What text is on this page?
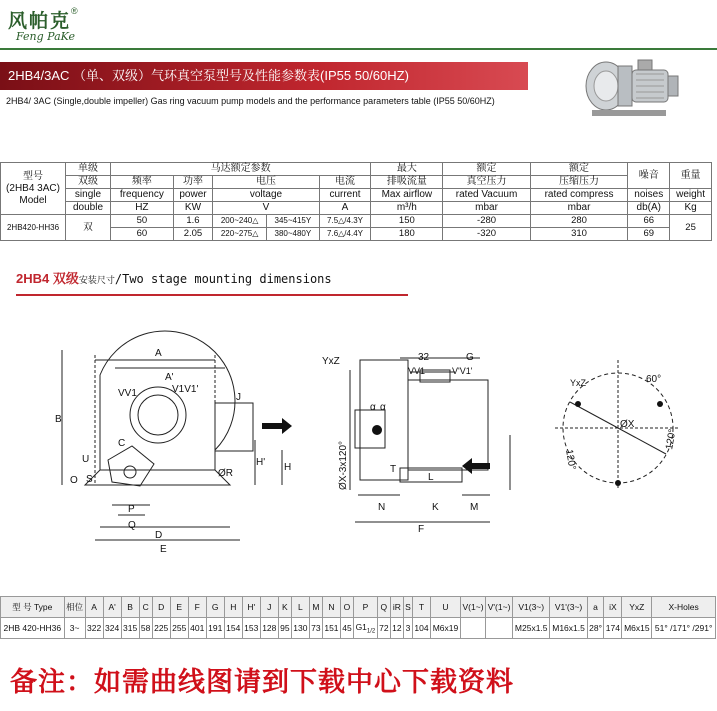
风帕克®
Feng PaKe
2HB4/3AC （单、双级）气环真空泵型号及性能参数表(IP55 50/60HZ)
2HB4/ 3AC (Single,double impeller) Gas ring vacuum pump models and the performance parameters table (IP55 50/60HZ)
型号
(2HB4 3AC)
Model	单级	马达额定参数					最大	额定	额定	噪音	重量
	双级	频率	功率	电压		电流	排吸流量	真空压力	压缩压力		
	single	frequency	power	voltage		current	Max airflow	rated Vacuum	rated compress	noises	weight
	double	HZ	KW	V		A	m³/h	mbar	mbar	db(A)	Kg
2HB420-HH36	双	50	1.6	200~240△	345~415Y	7.5△/4.3Y	150	-280	280	66	25
		60	2.05	220~275△	380~480Y	7.6△/4.4Y	180	-320	310	69	
2HB4 双级安装尺寸/Two stage mounting dimensions
A
A'
B
C
D
E
F
G
H
H'
J
K
L
M
N
O
P
Q
ØR
S
T
U
VV1	V1V1'
VV1	V'V1'
YxZ
YxZ
ØX-3x120°
32
α α
ØX
60°
120°
120°
型 号 Type	相位	A	A'	B	C	D	E	F	G	H	H'	J	K	L	M	N	O	P	Q	iR	S	T	U	V(1~)	V'(1~)	V1(3~)	V1'(3~)	a	iX	YxZ	X-Holes
2HB 420-HH36	3~	322	324	315	58	225	255	401	191	154	153	128	95	130	73	151	45	$G1_{1/2}$	72	12	3	104	M6x19			M25x1.5	M16x1.5	28°	174	M6x15	51° /171° /291°
备注：如需曲线图请到下载中心下载资料
